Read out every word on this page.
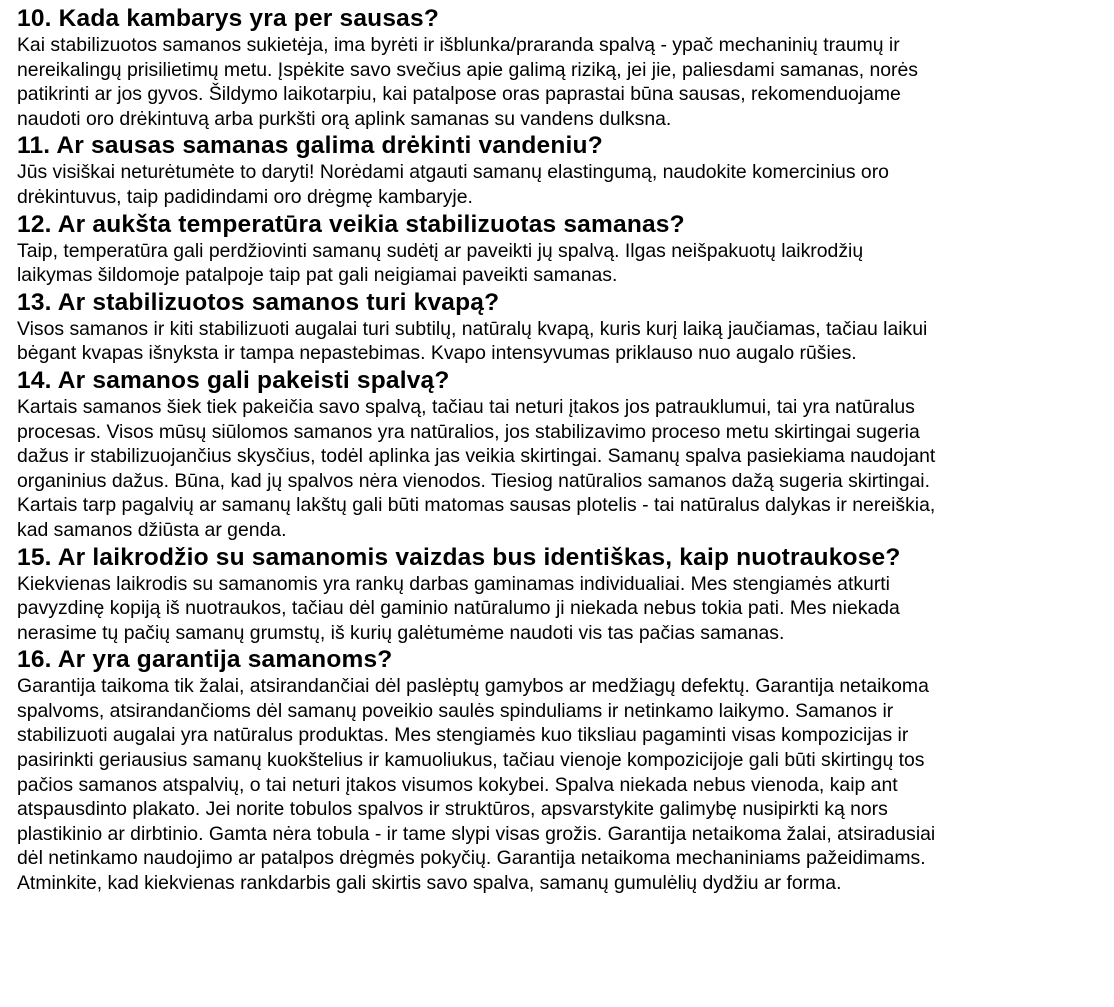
10. Kada kambarys yra per sausas?

Kai stabilizuotos samanos sukietėja, ima byrėti ir išblunka/praranda spalvą - ypač mechaninių traumų ir
nereikalingų prisilietimų metu. Įspėkite savo svečius apie galimą riziką, jei jie, paliesdami samanas, norės
patikrinti ar jos gyvos. Šildymo laikotarpiu, kai patalpose oras paprastai būna sausas, rekomenduojame
naudoti oro drėkintuvą arba purkšti orą aplink samanas su vandens dulksna.

11. Ar sausas samanas galima drėkinti vandeniu?

Jūs visiškai neturėtumėte to daryti! Norėdami atgauti samanų elastingumą, naudokite komercinius oro
drėkintuvus, taip padidindami oro drėgmę kambaryje.

12. Ar aukšta temperatūra veikia stabilizuotas samanas?

Taip, temperatūra gali perdžiovinti samanų sudėtį ar paveikti jų spalvą. Ilgas neišpakuotų laikrodžių
laikymas šildomoje patalpoje taip pat gali neigiamai paveikti samanas.

13. Ar stabilizuotos samanos turi kvapą?

Visos samanos ir kiti stabilizuoti augalai turi subtilų, natūralų kvapą, kuris kurį laiką jaučiamas, tačiau laikui
bėgant kvapas išnyksta ir tampa nepastebimas. Kvapo intensyvumas priklauso nuo augalo rūšies.

14. Ar samanos gali pakeisti spalvą?

Kartais samanos šiek tiek pakeičia savo spalvą, tačiau tai neturi įtakos jos patrauklumui, tai yra natūralus
procesas. Visos mūsų siūlomos samanos yra natūralios, jos stabilizavimo proceso metu skirtingai sugeria
dažus ir stabilizuojančius skysčius, todėl aplinka jas veikia skirtingai. Samanų spalva pasiekiama naudojant
organinius dažus. Būna, kad jų spalvos nėra vienodos. Tiesiog natūralios samanos dažą sugeria skirtingai.
Kartais tarp pagalvių ar samanų lakštų gali būti matomas sausas plotelis - tai natūralus dalykas ir nereiškia,
kad samanos džiūsta ar genda.

15. Ar laikrodžio su samanomis vaizdas bus identiškas, kaip nuotraukose?

Kiekvienas laikrodis su samanomis yra rankų darbas gaminamas individualiai. Mes stengiamės atkurti
pavyzdinę kopiją iš nuotraukos, tačiau dėl gaminio natūralumo ji niekada nebus tokia pati. Mes niekada
nerasime tų pačių samanų grumstų, iš kurių galėtumėme naudoti vis tas pačias samanas.

16. Ar yra garantija samanoms?

Garantija taikoma tik žalai, atsirandančiai dėl paslėptų gamybos ar medžiagų defektų. Garantija netaikoma
spalvoms, atsirandančioms dėl samanų poveikio saulės spinduliams ir netinkamo laikymo. Samanos ir
stabilizuoti augalai yra natūralus produktas. Mes stengiamės kuo tiksliau pagaminti visas kompozicijas ir
pasirinkti geriausius samanų kuokštelius ir kamuoliukus, tačiau vienoje kompozicijoje gali būti skirtingų tos
pačios samanos atspalvių, o tai neturi įtakos visumos kokybei. Spalva niekada nebus vienoda, kaip ant
atspausdinto plakato. Jei norite tobulos spalvos ir struktūros, apsvarstykite galimybę nusipirkti ką nors
plastikinio ar dirbtinio. Gamta nėra tobula - ir tame slypi visas grožis. Garantija netaikoma žalai, atsiradusiai
dėl netinkamo naudojimo ar patalpos drėgmės pokyčių. Garantija netaikoma mechaniniams pažeidimams.
Atminkite, kad kiekvienas rankdarbis gali skirtis savo spalva, samanų gumulėlių dydžiu ar forma.
